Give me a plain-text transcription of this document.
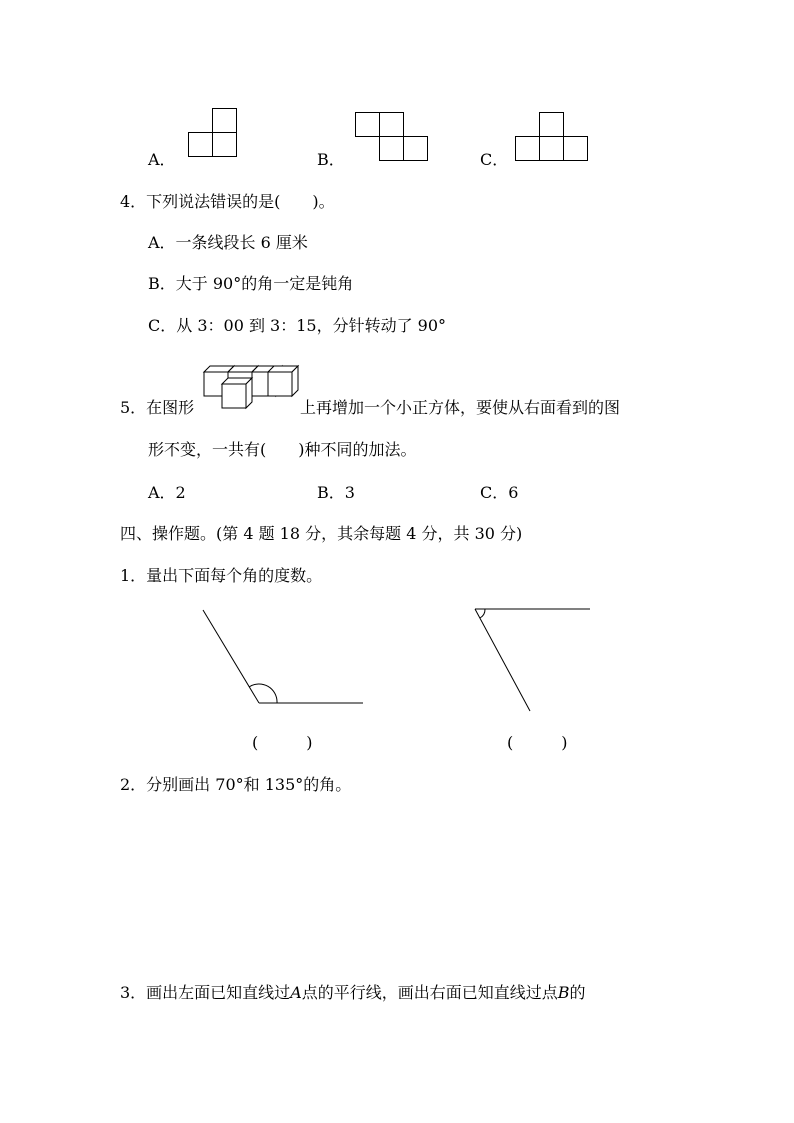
A．	B．	C．
4．下列说法错误的是(　　)。
A．一条线段长 6 厘米
B．大于 90°的角一定是钝角
C．从 3：00 到 3：15，分针转动了 90°
5．在图形	上再增加一个小正方体，要使从右面看到的图
形不变，一共有(　　)种不同的加法。
A．2	B．3	C．6
四、操作题。(第 4 题 18 分，其余每题 4 分，共 30 分)
1．量出下面每个角的度数。
(　　　)	(　　　)
2．分别画出 70°和 135°的角。
3．画出左面已知直线过A点的平行线，画出右面已知直线过点B的
